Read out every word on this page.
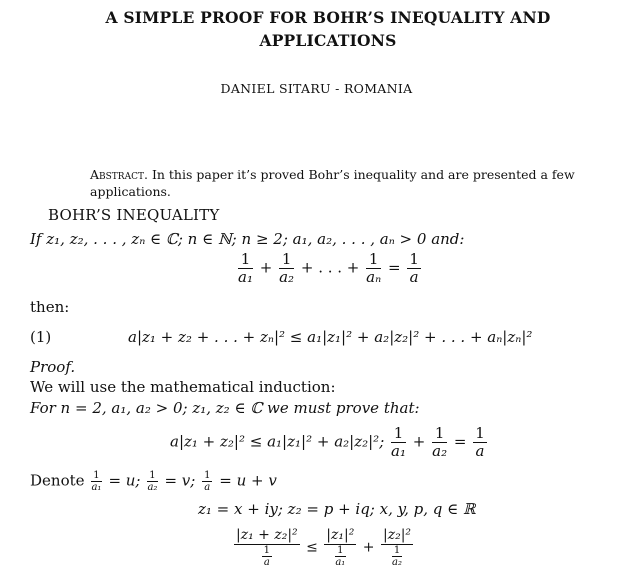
A SIMPLE PROOF FOR BOHR’S INEQUALITY AND
APPLICATIONS
DANIEL SITARU - ROMANIA
Abstract. In this paper it’s proved Bohr’s inequality and are presented a few
applications.
BOHR’S INEQUALITY
If z₁, z₂, . . . , zₙ ∈ ℂ; n ∈ ℕ; n ≥ 2; a₁, a₂, . . . , aₙ > 0 and:
$\frac{1}{\text{a₁}} + \frac{1}{\text{a₂}}$ + . . . + $\frac{1}{\text{aₙ}} = \frac{1}{a}$
then:
(1)	a|z₁ + z₂ + . . . + zₙ|² ≤ a₁|z₁|² + a₂|z₂|² + . . . + aₙ|zₙ|²
Proof.
We will use the mathematical induction:
For n = 2, a₁, a₂ > 0; z₁, z₂ ∈ ℂ we must prove that:
a|z₁ + z₂|² ≤ a₁|z₁|² + a₂|z₂|²; $\frac{1}{\text{a₁}} + \frac{1}{\text{a₂}} = \frac{1}{a}$
Denote $\frac{1}{\text{a₁}} = u$; $\frac{1}{\text{a₂}} = v$; $\frac{1}{a} = u + v$
z₁ = x + iy; z₂ = p + iq; x, y, p, q ∈ ℝ
$\frac{\text{|z₁ + z₂|²}}{\frac{1}{a}} \le \frac{\text{|z₁|²}}{\frac{1}{\text{a₁}}} + \frac{\text{|z₂|²}}{\frac{1}{\text{a₂}}}$
